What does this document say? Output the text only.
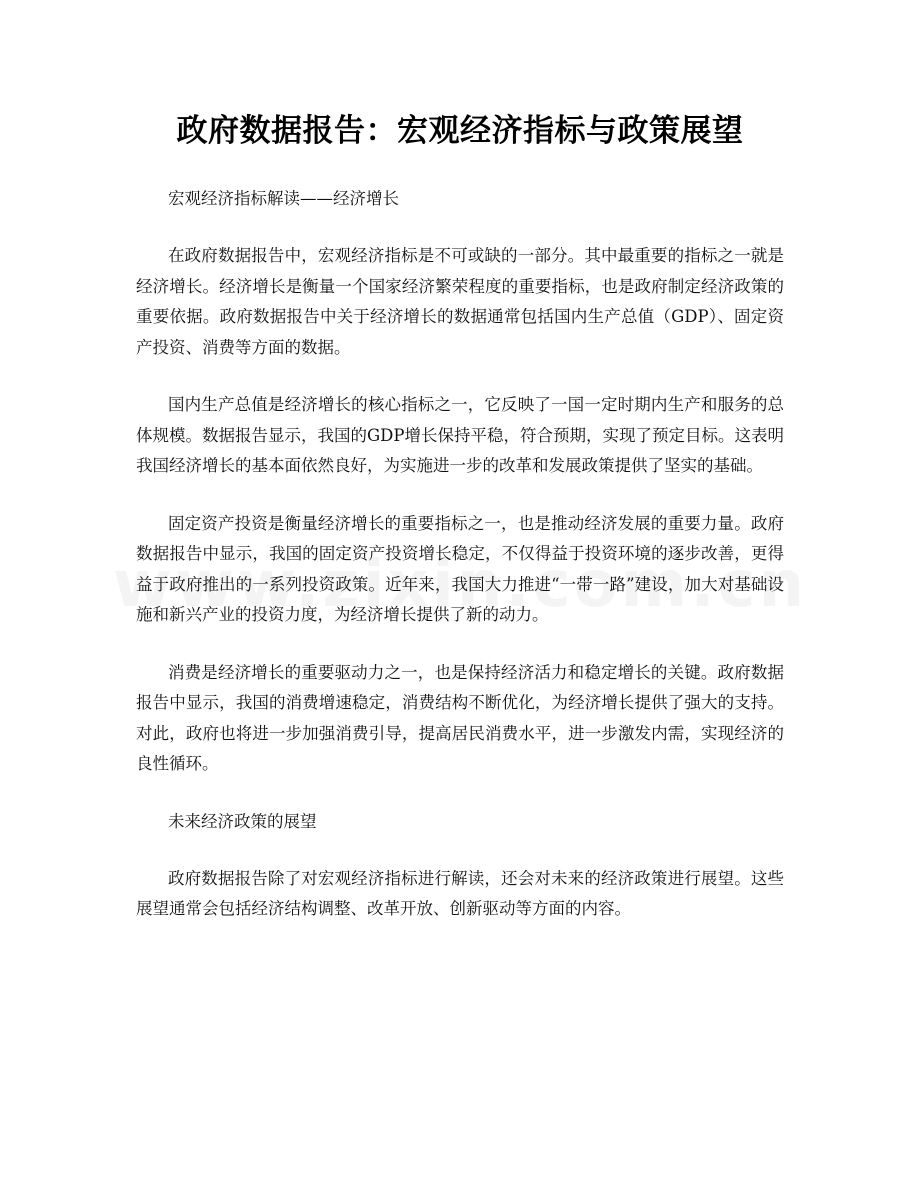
政府数据报告：宏观经济指标与政策展望

宏观经济指标解读——经济增长

在政府数据报告中，宏观经济指标是不可或缺的一部分。其中最重要的指标之一就是经济增长。经济增长是衡量一个国家经济繁荣程度的重要指标，也是政府制定经济政策的重要依据。政府数据报告中关于经济增长的数据通常包括国内生产总值（GDP）、固定资产投资、消费等方面的数据。

国内生产总值是经济增长的核心指标之一，它反映了一国一定时期内生产和服务的总体规模。数据报告显示，我国的GDP增长保持平稳，符合预期，实现了预定目标。这表明我国经济增长的基本面依然良好，为实施进一步的改革和发展政策提供了坚实的基础。

固定资产投资是衡量经济增长的重要指标之一，也是推动经济发展的重要力量。政府数据报告中显示，我国的固定资产投资增长稳定，不仅得益于投资环境的逐步改善，更得益于政府推出的一系列投资政策。近年来，我国大力推进“一带一路”建设，加大对基础设施和新兴产业的投资力度，为经济增长提供了新的动力。

消费是经济增长的重要驱动力之一，也是保持经济活力和稳定增长的关键。政府数据报告中显示，我国的消费增速稳定，消费结构不断优化，为经济增长提供了强大的支持。对此，政府也将进一步加强消费引导，提高居民消费水平，进一步激发内需，实现经济的良性循环。

未来经济政策的展望

政府数据报告除了对宏观经济指标进行解读，还会对未来的经济政策进行展望。这些展望通常会包括经济结构调整、改革开放、创新驱动等方面的内容。
